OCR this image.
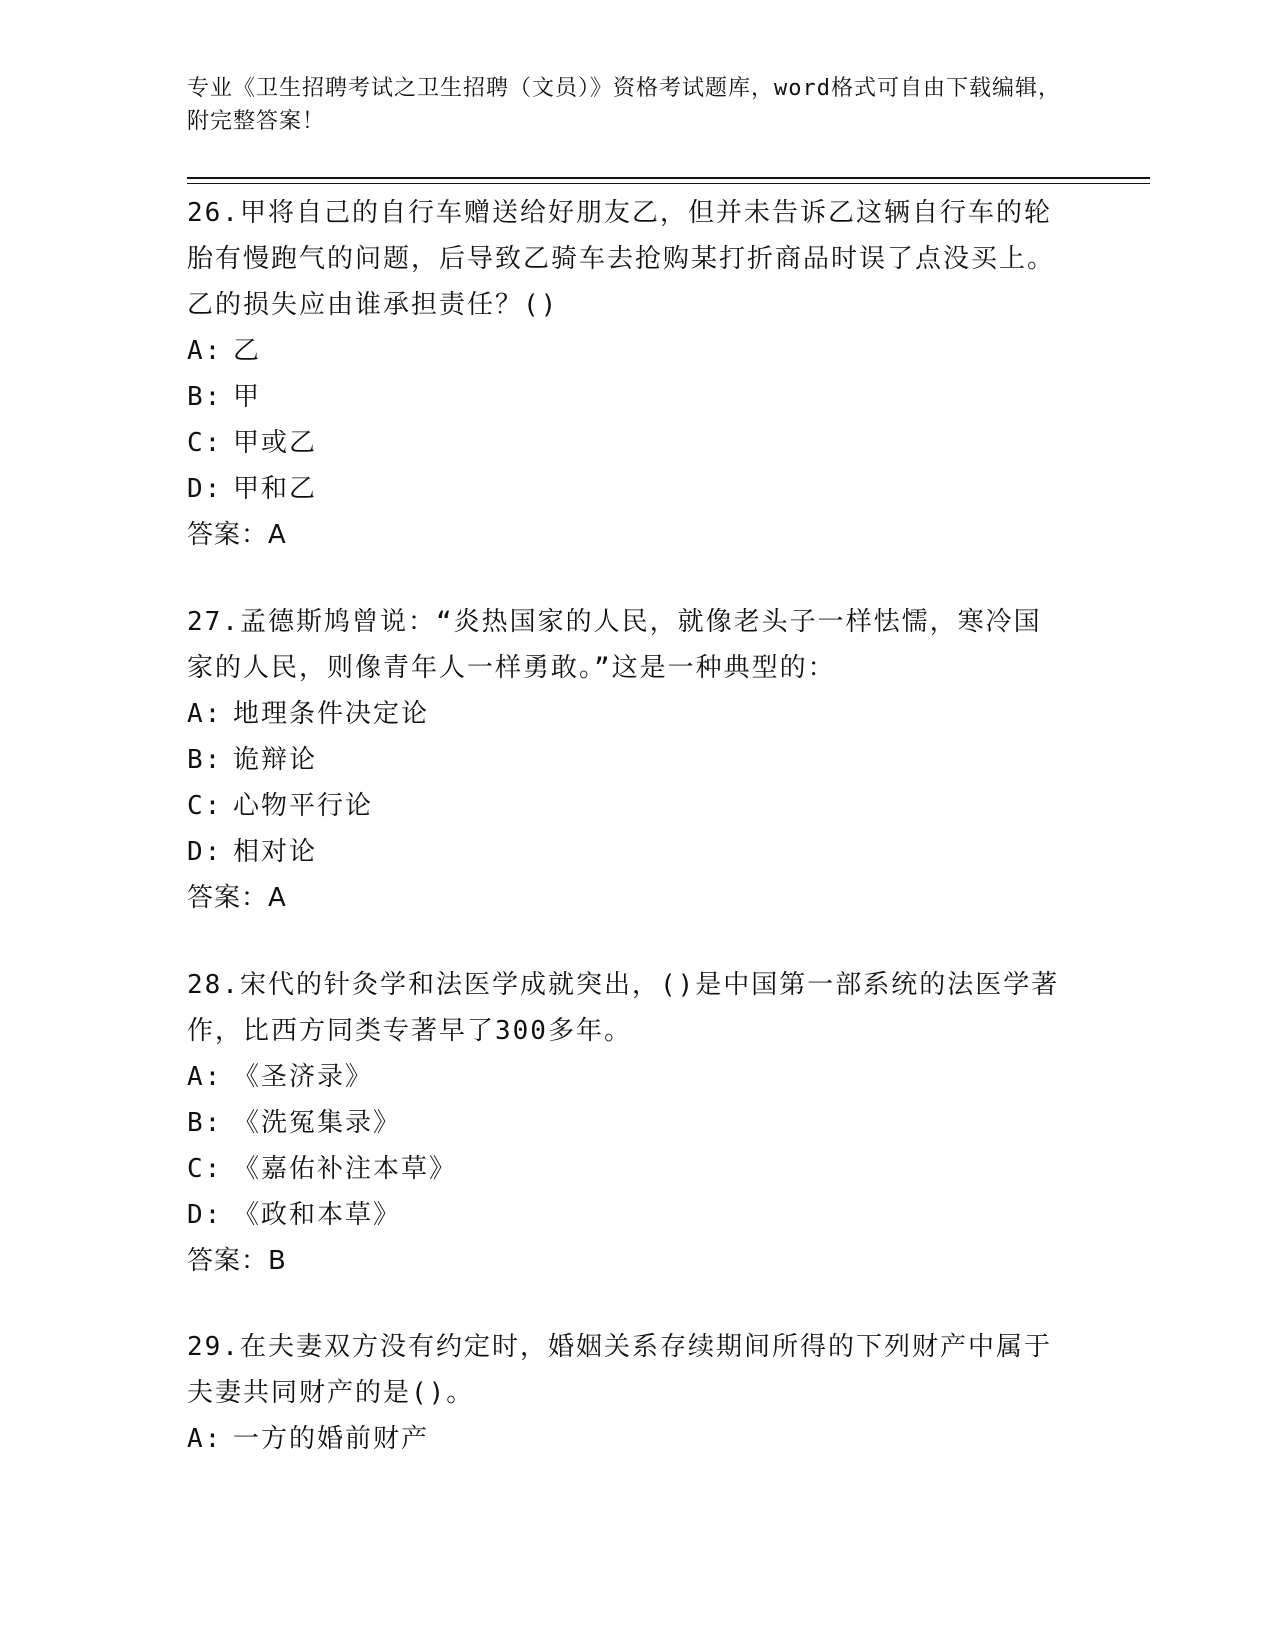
专业《卫生招聘考试之卫生招聘（文员）》资格考试题库，word格式可自由下载编辑，附完整答案！

26.甲将自己的自行车赠送给好朋友乙，但并未告诉乙这辆自行车的轮胎有慢跑气的问题，后导致乙骑车去抢购某打折商品时误了点没买上。乙的损失应由谁承担责任？()

A: 乙

B: 甲

C: 甲或乙

D: 甲和乙

答案：A

27.孟德斯鸠曾说：“炎热国家的人民，就像老头子一样怯懦，寒冷国家的人民，则像青年人一样勇敢。”这是一种典型的：

A: 地理条件决定论

B: 诡辩论

C: 心物平行论

D: 相对论

答案：A

28.宋代的针灸学和法医学成就突出，()是中国第一部系统的法医学著作，比西方同类专著早了300多年。

A: 《圣济录》

B: 《洗冤集录》

C: 《嘉佑补注本草》

D: 《政和本草》

答案：B

29.在夫妻双方没有约定时，婚姻关系存续期间所得的下列财产中属于夫妻共同财产的是()。

A: 一方的婚前财产
